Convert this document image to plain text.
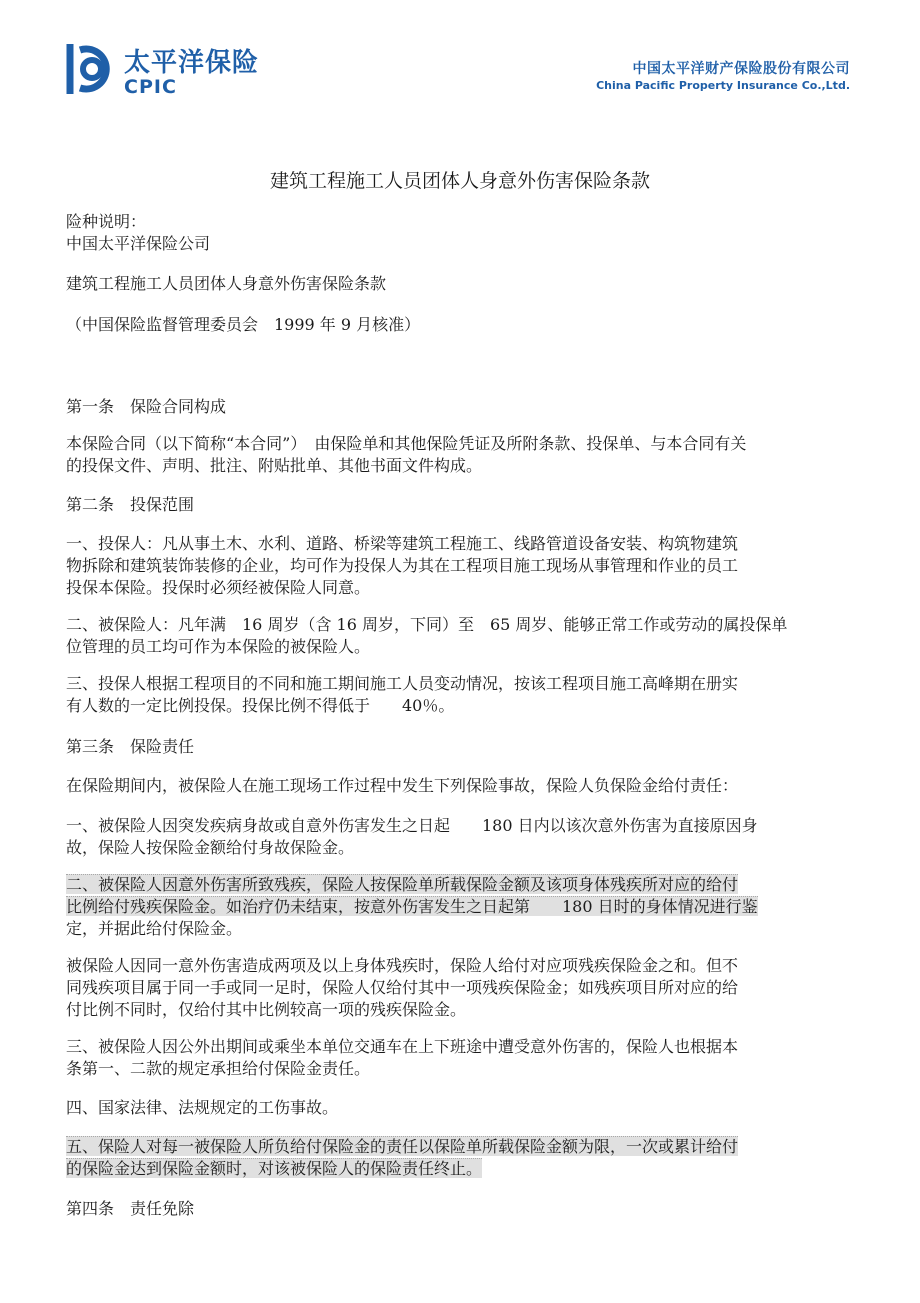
太平洋保险
CPIC
中国太平洋财产保险股份有限公司
China Pacific Property Insurance Co.,Ltd.
建筑工程施工人员团体人身意外伤害保险条款
险种说明：
中国太平洋保险公司
建筑工程施工人员团体人身意外伤害保险条款
（中国保险监督管理委员会　1999 年 9 月核准）
第一条　保险合同构成
本保险合同（以下简称“本合同”）　由保险单和其他保险凭证及所附条款、投保单、与本合同有关
的投保文件、声明、批注、附贴批单、其他书面文件构成。
第二条　投保范围
一、投保人：凡从事土木、水利、道路、桥梁等建筑工程施工、线路管道设备安装、构筑物建筑
物拆除和建筑装饰装修的企业，均可作为投保人为其在工程项目施工现场从事管理和作业的员工
投保本保险。投保时必须经被保险人同意。
二、被保险人：凡年满　16 周岁（含 16 周岁，下同）至　65 周岁、能够正常工作或劳动的属投保单
位管理的员工均可作为本保险的被保险人。
三、投保人根据工程项目的不同和施工期间施工人员变动情况，按该工程项目施工高峰期在册实
有人数的一定比例投保。投保比例不得低于　　40％。
第三条　保险责任
在保险期间内，被保险人在施工现场工作过程中发生下列保险事故，保险人负保险金给付责任：
一、被保险人因突发疾病身故或自意外伤害发生之日起　　180 日内以该次意外伤害为直接原因身
故，保险人按保险金额给付身故保险金。
二、被保险人因意外伤害所致残疾，保险人按保险单所载保险金额及该项身体残疾所对应的给付
比例给付残疾保险金。如治疗仍未结束，按意外伤害发生之日起第　　180 日时的身体情况进行鉴
定，并据此给付保险金。
被保险人因同一意外伤害造成两项及以上身体残疾时，保险人给付对应项残疾保险金之和。但不
同残疾项目属于同一手或同一足时，保险人仅给付其中一项残疾保险金；如残疾项目所对应的给
付比例不同时，仅给付其中比例较高一项的残疾保险金。
三、被保险人因公外出期间或乘坐本单位交通车在上下班途中遭受意外伤害的，保险人也根据本
条第一、二款的规定承担给付保险金责任。
四、国家法律、法规规定的工伤事故。
五、保险人对每一被保险人所负给付保险金的责任以保险单所载保险金额为限，一次或累计给付
的保险金达到保险金额时，对该被保险人的保险责任终止。
第四条　责任免除
